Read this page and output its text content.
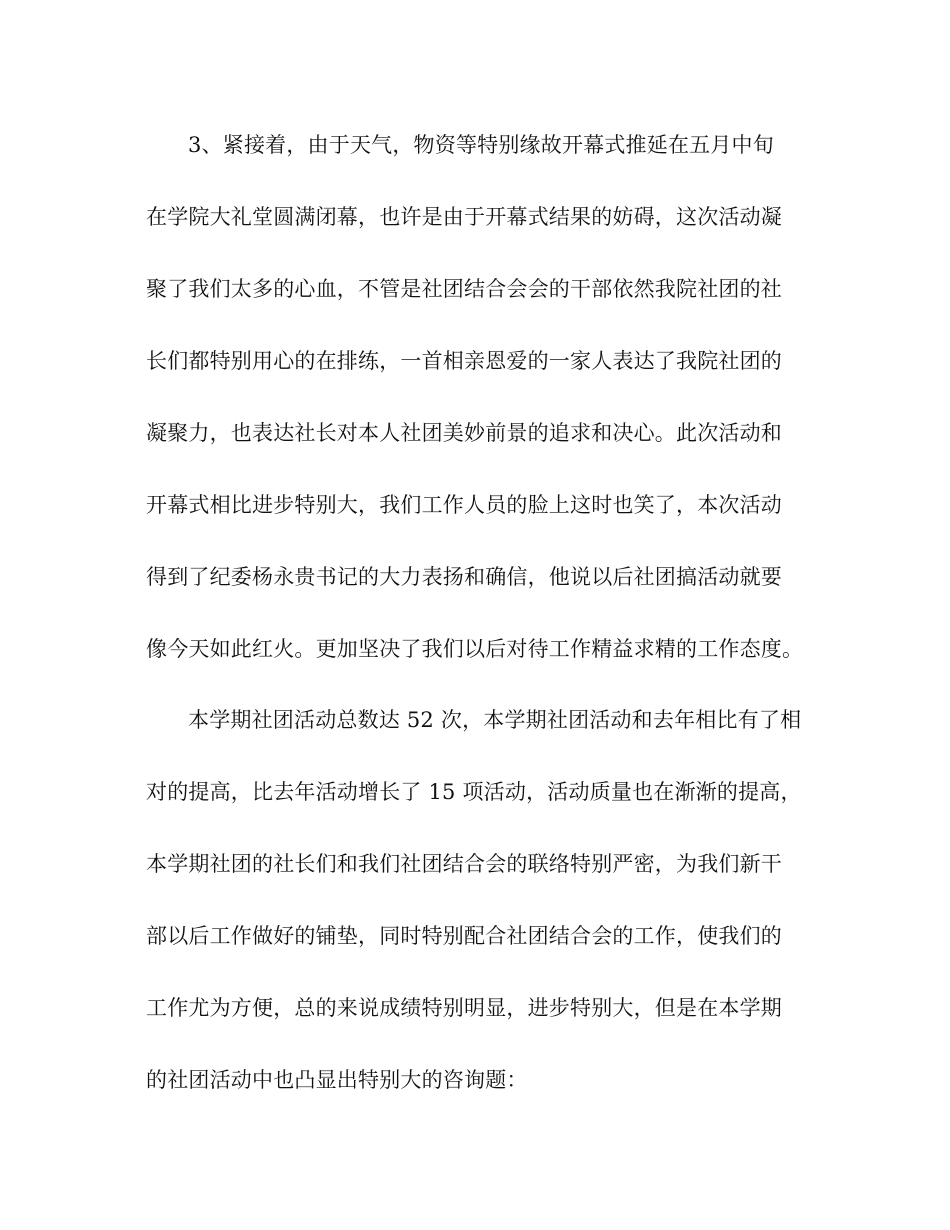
3、紧接着，由于天气，物资等特别缘故开幕式推延在五月中旬
在学院大礼堂圆满闭幕，也许是由于开幕式结果的妨碍，这次活动凝
聚了我们太多的心血，不管是社团结合会会的干部依然我院社团的社
长们都特别用心的在排练，一首相亲恩爱的一家人表达了我院社团的
凝聚力，也表达社长对本人社团美妙前景的追求和决心。此次活动和
开幕式相比进步特别大，我们工作人员的脸上这时也笑了，本次活动
得到了纪委杨永贵书记的大力表扬和确信，他说以后社团搞活动就要
像今天如此红火。更加坚决了我们以后对待工作精益求精的工作态度。
本学期社团活动总数达 52 次，本学期社团活动和去年相比有了相
对的提高，比去年活动增长了 15 项活动，活动质量也在渐渐的提高，
本学期社团的社长们和我们社团结合会的联络特别严密，为我们新干
部以后工作做好的铺垫，同时特别配合社团结合会的工作，使我们的
工作尤为方便，总的来说成绩特别明显，进步特别大，但是在本学期
的社团活动中也凸显出特别大的咨询题：
